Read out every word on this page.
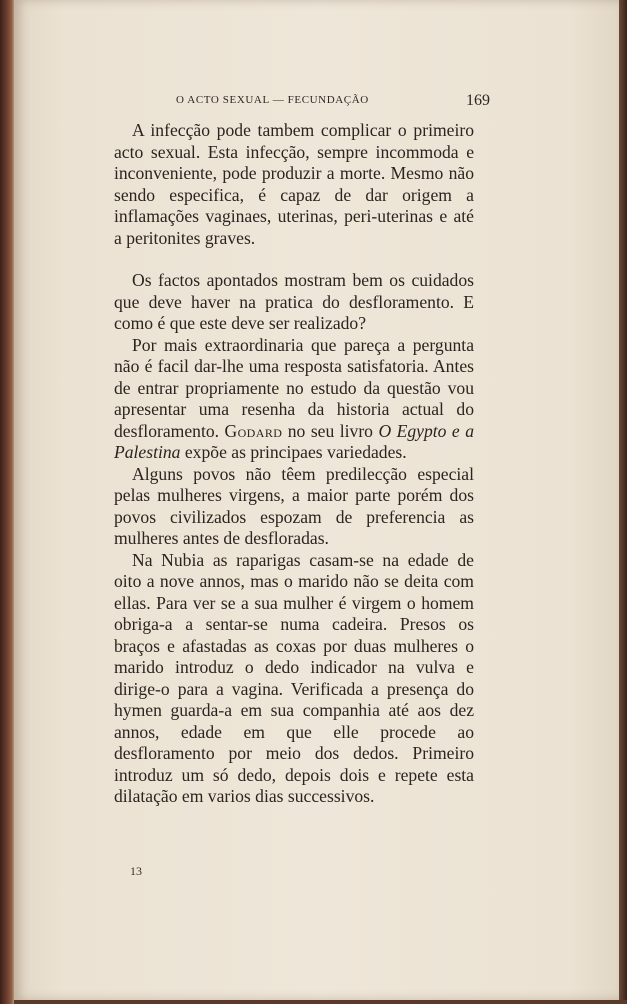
O ACTO SEXUAL — FECUNDAÇÃO	169

A infecção pode tambem complicar o primeiro acto sexual. Esta infecção, sempre incommoda e inconveniente, pode produzir a morte. Mesmo não sendo especifica, é capaz de dar origem a inflamações vaginaes, uterinas, peri-uterinas e até a peritonites graves.

Os factos apontados mostram bem os cuidados que deve haver na pratica do desfloramento. E como é que este deve ser realizado?

Por mais extraordinaria que pareça a pergunta não é facil dar-lhe uma resposta satisfatoria. Antes de entrar propriamente no estudo da questão vou apresentar uma resenha da historia actual do desfloramento. Godard no seu livro O Egypto e a Palestina expõe as principaes variedades.

Alguns povos não têem predilecção especial pelas mulheres virgens, a maior parte porém dos povos civilizados espozam de preferencia as mulheres antes de desfloradas.

Na Nubia as raparigas casam-se na edade de oito a nove annos, mas o marido não se deita com ellas. Para ver se a sua mulher é virgem o homem obriga-a a sentar-se numa cadeira. Presos os braços e afastadas as coxas por duas mulheres o marido introduz o dedo indicador na vulva e dirige-o para a vagina. Verificada a presença do hymen guarda-a em sua companhia até aos dez annos, edade em que elle procede ao desfloramento por meio dos dedos. Primeiro introduz um só dedo, depois dois e repete esta dilatação em varios dias successivos.

13
